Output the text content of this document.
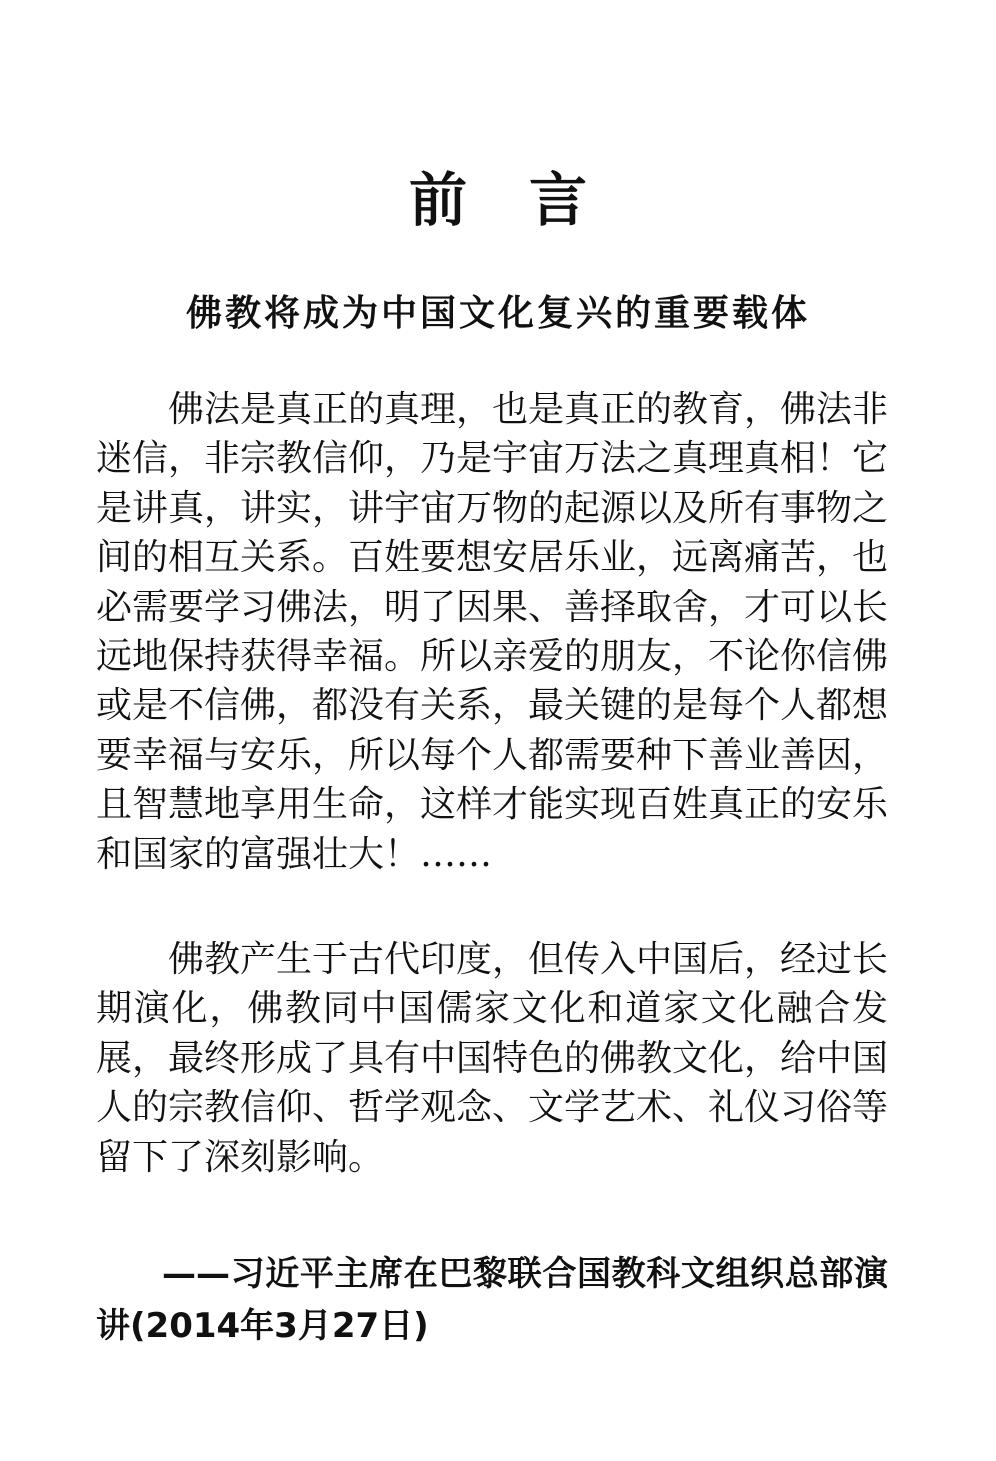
前言
佛教将成为中国文化复兴的重要载体

佛法是真正的真理，也是真正的教育，佛法非迷信，非宗教信仰，乃是宇宙万法之真理真相！它是讲真，讲实，讲宇宙万物的起源以及所有事物之间的相互关系。百姓要想安居乐业，远离痛苦，也必需要学习佛法，明了因果、善择取舍，才可以长远地保持获得幸福。所以亲爱的朋友，不论你信佛或是不信佛，都没有关系，最关键的是每个人都想要幸福与安乐，所以每个人都需要种下善业善因，且智慧地享用生命，这样才能实现百姓真正的安乐和国家的富强壮大！……

佛教产生于古代印度，但传入中国后，经过长期演化，佛教同中国儒家文化和道家文化融合发展，最终形成了具有中国特色的佛教文化，给中国人的宗教信仰、哲学观念、文学艺术、礼仪习俗等留下了深刻影响。

——习近平主席在巴黎联合国教科文组织总部演讲(2014年3月27日)
